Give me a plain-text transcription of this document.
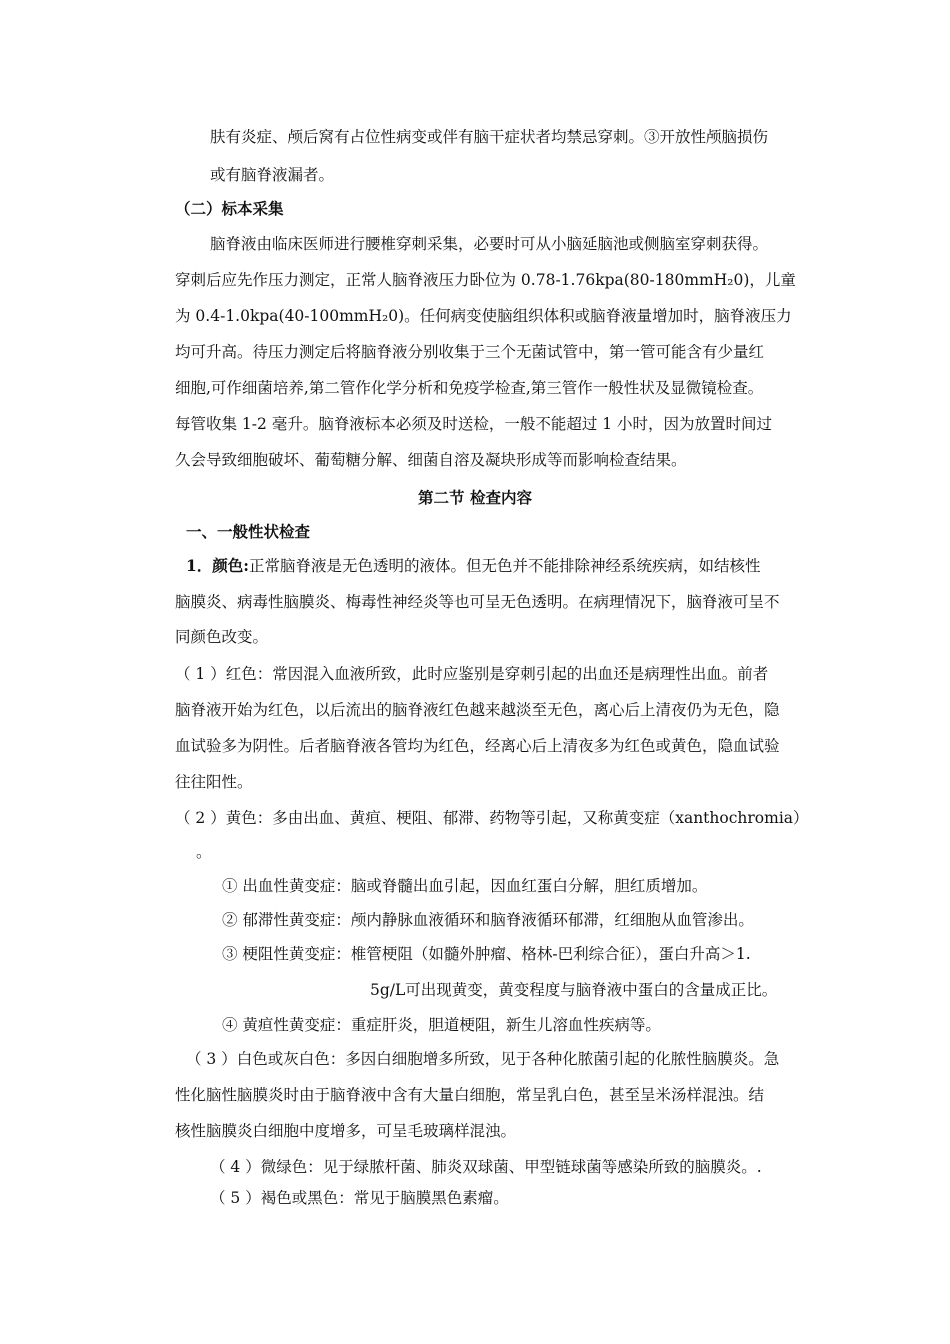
肤有炎症、颅后窝有占位性病变或伴有脑干症状者均禁忌穿刺。③开放性颅脑损伤
或有脑脊液漏者。
（二）标本采集
脑脊液由临床医师进行腰椎穿刺采集，必要时可从小脑延脑池或侧脑室穿刺获得。
穿刺后应先作压力测定，正常人脑脊液压力卧位为 0.78-1.76kpa(80-180mmH₂0)，儿童
为 0.4-1.0kpa(40-100mmH₂0)。任何病变使脑组织体积或脑脊液量增加时，脑脊液压力
均可升高。待压力测定后将脑脊液分别收集于三个无菌试管中，第一管可能含有少量红
细胞,可作细菌培养,第二管作化学分析和免疫学检查,第三管作一般性状及显微镜检查。
每管收集 1-2 毫升。脑脊液标本必须及时送检，一般不能超过 1 小时，因为放置时间过
久会导致细胞破坏、葡萄糖分解、细菌自溶及凝块形成等而影响检查结果。
第二节 检查内容
一、一般性状检查
1．颜色:正常脑脊液是无色透明的液体。但无色并不能排除神经系统疾病，如结核性
脑膜炎、病毒性脑膜炎、梅毒性神经炎等也可呈无色透明。在病理情况下，脑脊液可呈不
同颜色改变。
（ 1 ）红色：常因混入血液所致，此时应鉴别是穿刺引起的出血还是病理性出血。前者
脑脊液开始为红色，以后流出的脑脊液红色越来越淡至无色，离心后上清夜仍为无色，隐
血试验多为阴性。后者脑脊液各管均为红色，经离心后上清夜多为红色或黄色，隐血试验
往往阳性。
（ 2 ）黄色：多由出血、黄疸、梗阻、郁滞、药物等引起，又称黄变症（xanthochromia）
。
① 出血性黄变症：脑或脊髓出血引起，因血红蛋白分解，胆红质增加。
② 郁滞性黄变症：颅内静脉血液循环和脑脊液循环郁滞，红细胞从血管渗出。
③ 梗阻性黄变症：椎管梗阻（如髓外肿瘤、格林-巴利综合征），蛋白升高＞1.
5g/L可出现黄变，黄变程度与脑脊液中蛋白的含量成正比。
④ 黄疸性黄变症：重症肝炎，胆道梗阻，新生儿溶血性疾病等。
（ 3 ）白色或灰白色：多因白细胞增多所致，见于各种化脓菌引起的化脓性脑膜炎。急
性化脑性脑膜炎时由于脑脊液中含有大量白细胞，常呈乳白色，甚至呈米汤样混浊。结
核性脑膜炎白细胞中度增多，可呈毛玻璃样混浊。
（ 4 ）微绿色：见于绿脓杆菌、肺炎双球菌、甲型链球菌等感染所致的脑膜炎。.
（ 5 ）褐色或黑色：常见于脑膜黑色素瘤。
